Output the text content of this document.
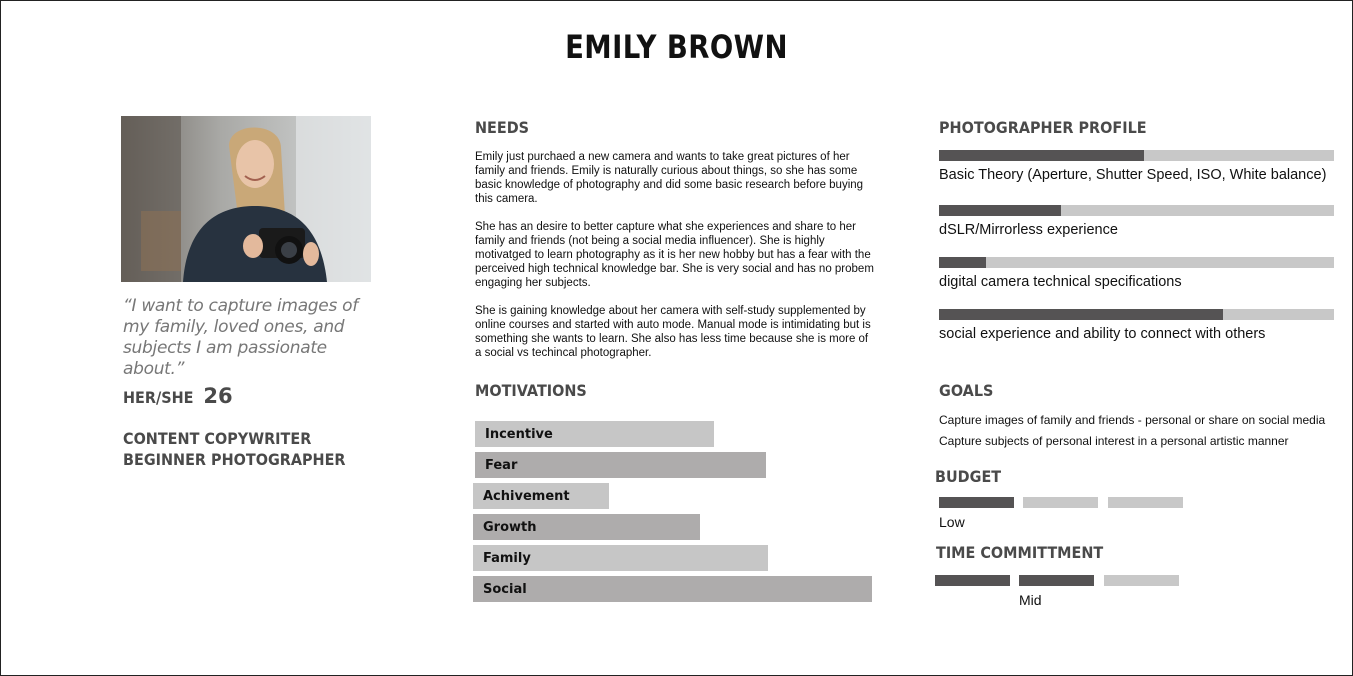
EMILY BROWN
“I want to capture images of my family, loved ones, and subjects I am passionate about.”
HER/SHE 26
CONTENT COPYWRITER
BEGINNER PHOTOGRAPHER
NEEDS

Emily just purchaed a new camera and wants to take great pictures of her family and friends. Emily is naturally curious about things, so she has some basic knowledge of photography and did some basic research before buying this camera.

She has an desire to better capture what she experiences and share to her family and friends (not being a social media influencer). She is highly motivatged to learn photography as it is her new hobby but has a fear with the perceived high technical knowledge bar. She is very social and has no probem engaging her subjects.

She is gaining knowledge about her camera with self-study supplemented by online courses and started with auto mode. Manual mode is intimidating but is something she wants to learn. She also has less time because she is more of a social vs techincal photographer.

MOTIVATIONS
Incentive
Fear
Achivement
Growth
Family
Social
PHOTOGRAPHER PROFILE
Basic Theory (Aperture, Shutter Speed, ISO, White balance)
dSLR/Mirrorless experience
digital camera technical specifications
social experience and ability to connect with others
GOALS
Capture images of family and friends - personal or share on social media
Capture subjects of personal interest in a personal artistic manner
BUDGET
Low
TIME COMMITTMENT
Mid
